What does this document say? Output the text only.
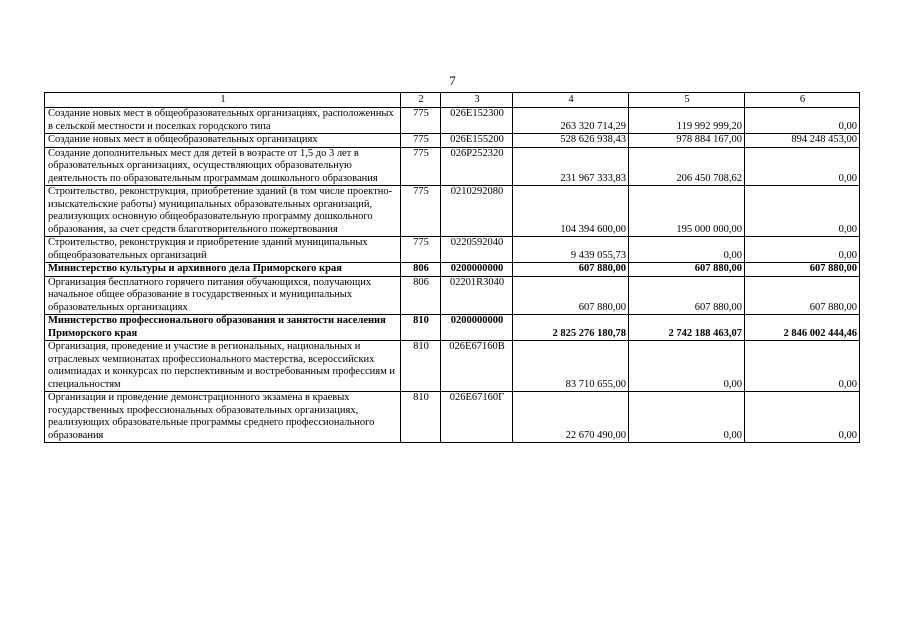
7
1	2	3	4	5	6
Создание новых мест в общеобразовательных организациях, расположенных в сельской местности и поселках городского типа	775	026E152300	263 320 714,29	119 992 999,20	0,00
Создание новых мест в общеобразовательных организациях	775	026E155200	528 626 938,43	978 884 167,00	894 248 453,00
Создание дополнительных мест для детей в возрасте от 1,5 до 3 лет в образовательных организациях, осуществляющих образовательную деятельность по образовательным программам дошкольного образования	775	026P252320	231 967 333,83	206 450 708,62	0,00
Строительство, реконструкция, приобретение зданий (в том числе проектно-изыскательские работы) муниципальных образовательных организаций, реализующих основную общеобразовательную программу дошкольного образования, за счет средств благотворительного пожертвования	775	0210292080	104 394 600,00	195 000 000,00	0,00
Строительство, реконструкция и приобретение зданий муниципальных общеобразовательных организаций	775	0220592040	9 439 055,73	0,00	0,00
Министерство культуры и архивного дела Приморского края	806	0200000000	607 880,00	607 880,00	607 880,00
Организация бесплатного горячего питания обучающихся, получающих начальное общее образование в государственных и муниципальных образовательных организациях	806	02201R3040	607 880,00	607 880,00	607 880,00
Министерство профессионального образования и занятости населения Приморского края	810	0200000000	2 825 276 180,78	2 742 188 463,07	2 846 002 444,46
Организация, проведение и участие в региональных, национальных и отраслевых чемпионатах профессионального мастерства, всероссийских олимпиадах и конкурсах по перспективным и востребованным профессиям и специальностям	810	026E67160В	83 710 655,00	0,00	0,00
Организация и проведение демонстрационного экзамена в краевых государственных профессиональных образовательных организациях, реализующих образовательные программы среднего профессионального образования	810	026E67160Г	22 670 490,00	0,00	0,00
